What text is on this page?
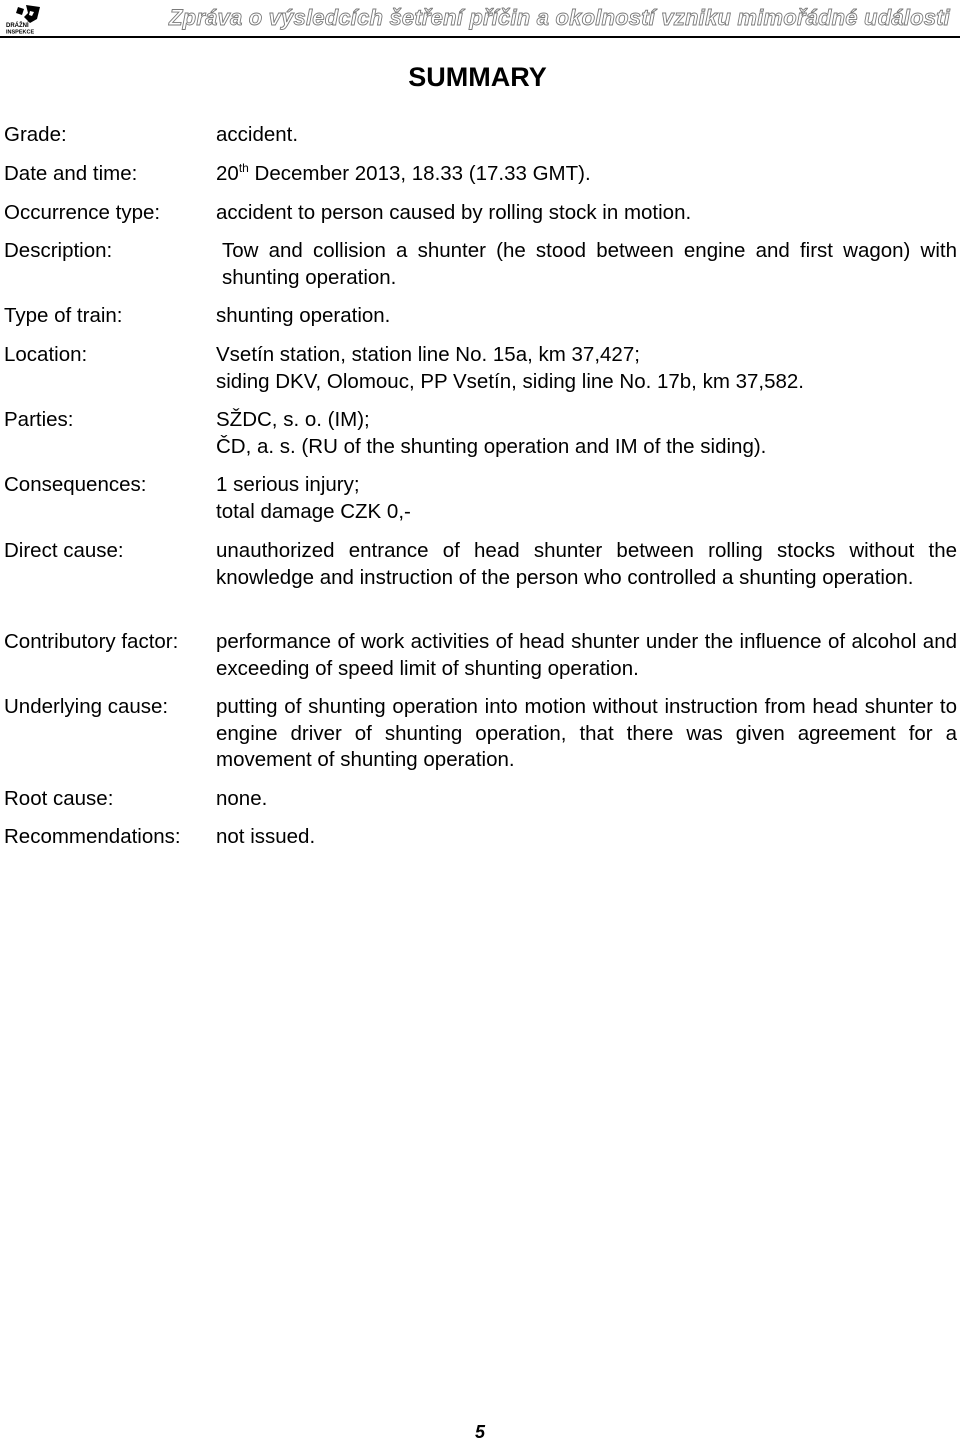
DRÁŽNÍ
INSPEKCE
Zpráva o výsledcích šetření příčin a okolností vzniku mimořádné události
SUMMARY
Grade:	accident.
Date and time:	20th December 2013, 18.33 (17.33 GMT).
Occurrence type:	accident to person caused by rolling stock in motion.
Description:	Tow and collision a shunter (he stood between engine and first wagon) with shunting operation.
Type of train:	shunting operation.
Location:	Vsetín station, station line No. 15a, km 37,427;
siding DKV, Olomouc, PP Vsetín, siding line No. 17b, km 37,582.
Parties:	SŽDC, s. o. (IM);
ČD, a. s. (RU of the shunting operation and IM of the siding).
Consequences:	1 serious injury;
total damage CZK 0,-
Direct cause:	unauthorized entrance of head shunter between rolling stocks without the knowledge and instruction of the person who controlled a shunting operation.
Contributory factor: performance of work activities of head shunter under the influence of alcohol and exceeding of speed limit of shunting operation.
Underlying cause: putting of shunting operation into motion without instruction from head shunter to engine driver of shunting operation, that there was given agreement for a movement of shunting operation.
Root cause:	none.
Recommendations: not issued.
5
